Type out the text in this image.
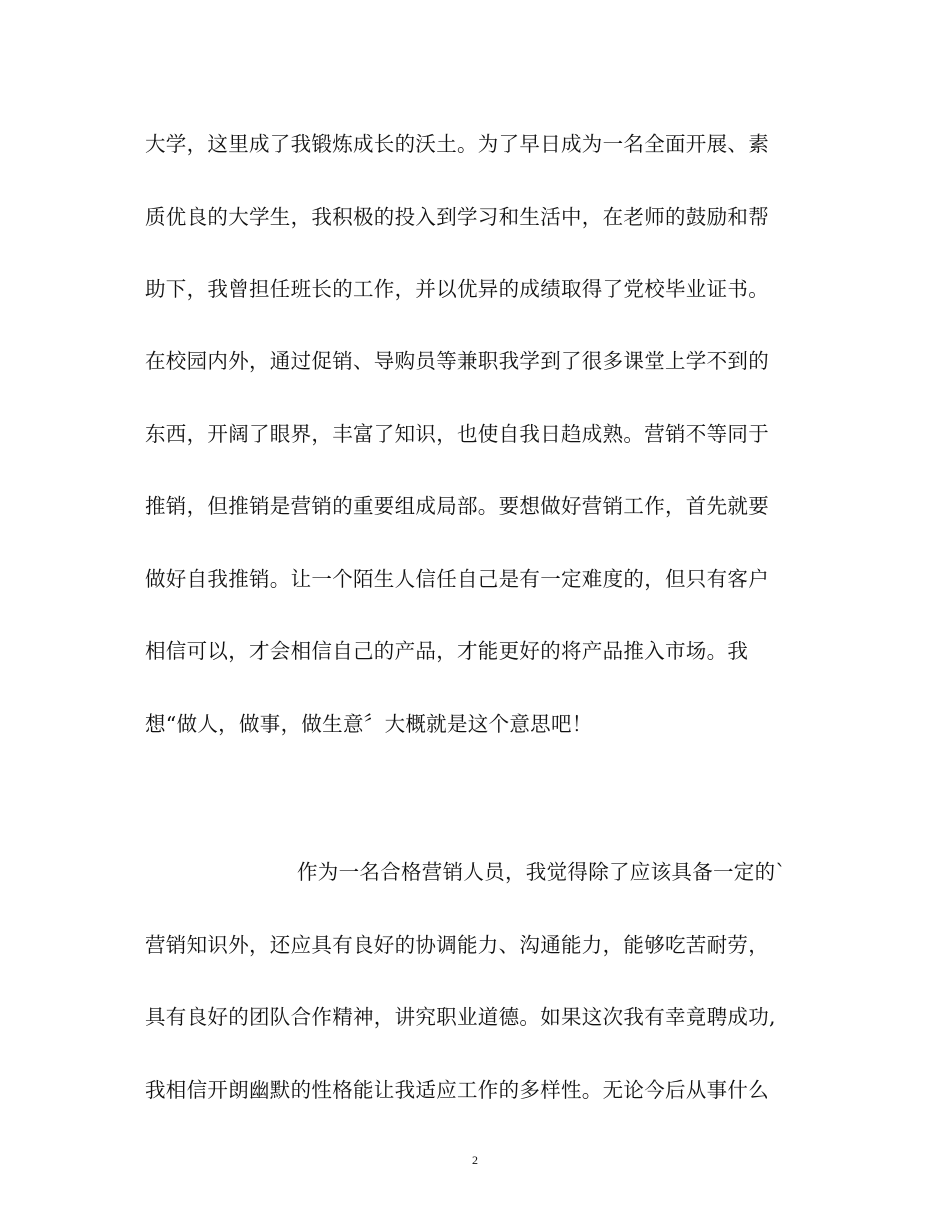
大学，这里成了我锻炼成长的沃土。为了早日成为一名全面开展、素
质优良的大学生，我积极的投入到学习和生活中，在老师的鼓励和帮
助下，我曾担任班长的工作，并以优异的成绩取得了党校毕业证书。
在校园内外，通过促销、导购员等兼职我学到了很多课堂上学不到的
东西，开阔了眼界，丰富了知识，也使自我日趋成熟。营销不等同于
推销，但推销是营销的重要组成局部。要想做好营销工作，首先就要
做好自我推销。让一个陌生人信任自己是有一定难度的，但只有客户
相信可以，才会相信自己的产品，才能更好的将产品推入市场。我
想“做人，做事，做生意〞大概就是这个意思吧！
作为一名合格营销人员，我觉得除了应该具备一定的`
营销知识外，还应具有良好的协调能力、沟通能力，能够吃苦耐劳，
具有良好的团队合作精神，讲究职业道德。如果这次我有幸竟聘成功,
我相信开朗幽默的性格能让我适应工作的多样性。无论今后从事什么
2
